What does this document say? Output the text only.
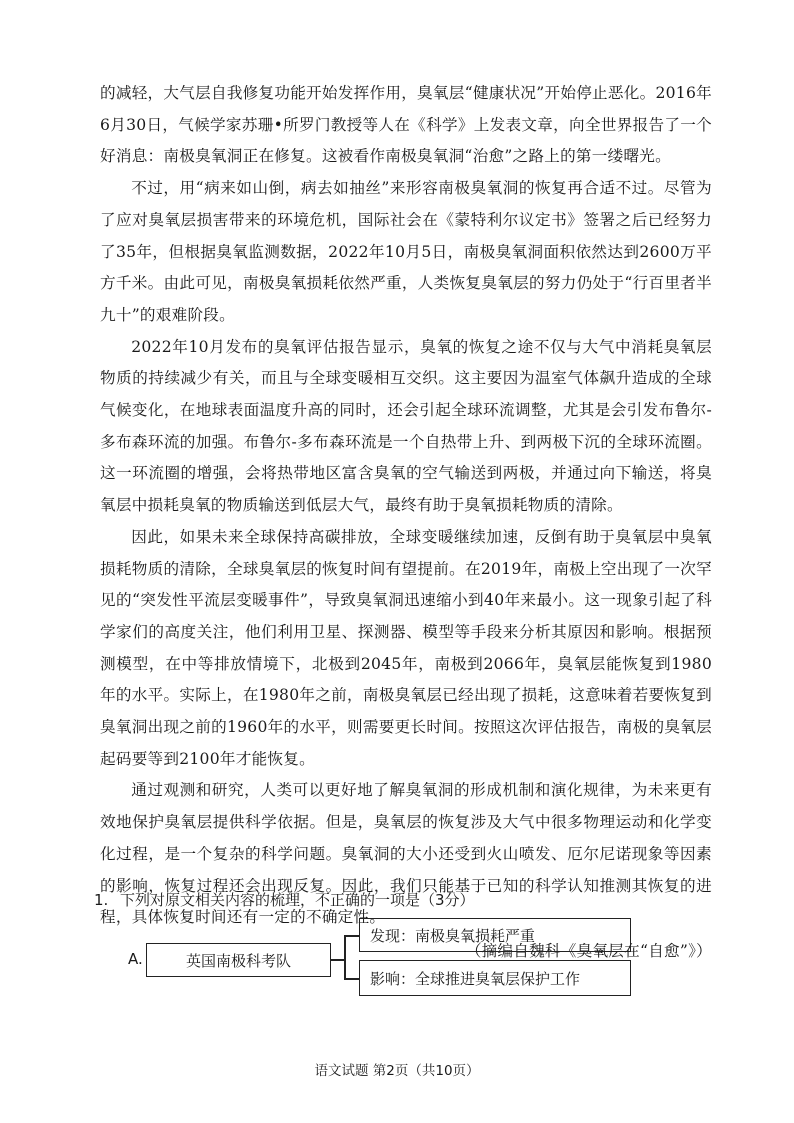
的减轻，大气层自我修复功能开始发挥作用，臭氧层“健康状况”开始停止恶化。2016年6月30日，气候学家苏珊•所罗门教授等人在《科学》上发表文章，向全世界报告了一个好消息：南极臭氧洞正在修复。这被看作南极臭氧洞“治愈”之路上的第一缕曙光。

不过，用“病来如山倒，病去如抽丝”来形容南极臭氧洞的恢复再合适不过。尽管为了应对臭氧层损害带来的环境危机，国际社会在《蒙特利尔议定书》签署之后已经努力了35年，但根据臭氧监测数据，2022年10月5日，南极臭氧洞面积依然达到2600万平方千米。由此可见，南极臭氧损耗依然严重，人类恢复臭氧层的努力仍处于“行百里者半九十”的艰难阶段。

2022年10月发布的臭氧评估报告显示，臭氧的恢复之途不仅与大气中消耗臭氧层物质的持续减少有关，而且与全球变暖相互交织。这主要因为温室气体飙升造成的全球气候变化，在地球表面温度升高的同时，还会引起全球环流调整，尤其是会引发布鲁尔-多布森环流的加强。布鲁尔-多布森环流是一个自热带上升、到两极下沉的全球环流圈。这一环流圈的增强，会将热带地区富含臭氧的空气输送到两极，并通过向下输送，将臭氧层中损耗臭氧的物质输送到低层大气，最终有助于臭氧损耗物质的清除。

因此，如果未来全球保持高碳排放，全球变暖继续加速，反倒有助于臭氧层中臭氧损耗物质的清除，全球臭氧层的恢复时间有望提前。在2019年，南极上空出现了一次罕见的“突发性平流层变暖事件”，导致臭氧洞迅速缩小到40年来最小。这一现象引起了科学家们的高度关注，他们利用卫星、探测器、模型等手段来分析其原因和影响。根据预测模型，在中等排放情境下，北极到2045年，南极到2066年，臭氧层能恢复到1980年的水平。实际上，在1980年之前，南极臭氧层已经出现了损耗，这意味着若要恢复到臭氧洞出现之前的1960年的水平，则需要更长时间。按照这次评估报告，南极的臭氧层起码要等到2100年才能恢复。

通过观测和研究，人类可以更好地了解臭氧洞的形成机制和演化规律，为未来更有效地保护臭氧层提供科学依据。但是，臭氧层的恢复涉及大气中很多物理运动和化学变化过程，是一个复杂的科学问题。臭氧洞的大小还受到火山喷发、厄尔尼诺现象等因素的影响，恢复过程还会出现反复。因此，我们只能基于已知的科学认知推测其恢复的进程，具体恢复时间还有一定的不确定性。

（摘编自魏科《臭氧层在“自愈”》）

1. 下列对原文相关内容的梳理，不正确的一项是（3分）
A.	英国南极科考队
发现：南极臭氧损耗严重
影响：全球推进臭氧层保护工作
语文试题 第2页（共10页）
